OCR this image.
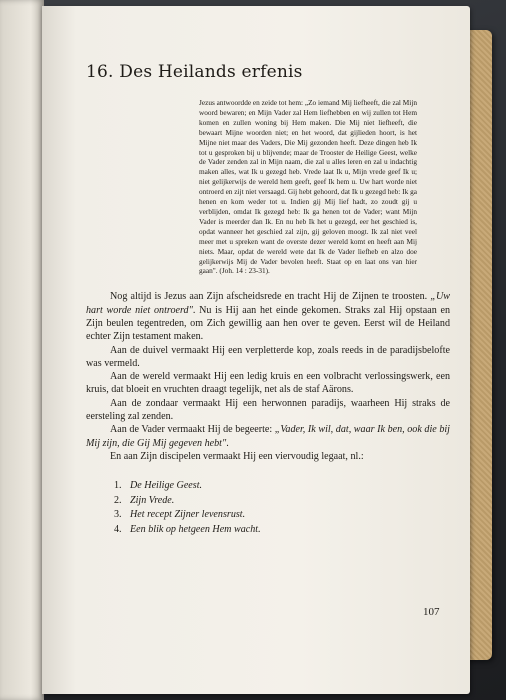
16. Des Heilands erfenis

Jezus antwoordde en zeide tot hem: „Zo iemand Mij liefheeft, die zal Mijn woord bewaren; en Mijn Vader zal Hem liefhebben en wij zullen tot Hem komen en zullen woning bij Hem maken. Die Mij niet liefheeft, die bewaart Mijne woorden niet; en het woord, dat gijlieden hoort, is het Mijne niet maar des Vaders, Die Mij gezonden heeft. Deze dingen heb Ik tot u gesproken bij u blijvende; maar de Trooster de Heilige Geest, welke de Vader zenden zal in Mijn naam, die zal u alles leren en zal u indachtig maken alles, wat Ik u gezegd heb. Vrede laat Ik u, Mijn vrede geef Ik u; niet gelijkerwijs de wereld hem geeft, geef Ik hem u. Uw hart worde niet ontroerd en zijt niet versaagd. Gij hebt gehoord, dat Ik u gezegd heb: Ik ga henen en kom weder tot u. Indien gij Mij lief hadt, zo zoudt gij u verblijden, omdat Ik gezegd heb: Ik ga henen tot de Vader; want Mijn Vader is meerder dan Ik. En nu heb Ik het u gezegd, eer het geschied is, opdat wanneer het geschied zal zijn, gij geloven moogt. Ik zal niet veel meer met u spreken want de overste dezer wereld komt en heeft aan Mij niets. Maar, opdat de wereld wete dat Ik de Vader liefheb en alzo doe gelijkerwijs Mij de Vader bevolen heeft. Staat op en laat ons van hier gaan". (Joh. 14 : 23-31).

Nog altijd is Jezus aan Zijn afscheidsrede en tracht Hij de Zijnen te troosten. „Uw hart worde niet ontroerd". Nu is Hij aan het einde gekomen. Straks zal Hij opstaan en Zijn beulen tegentreden, om Zich gewillig aan hen over te geven. Eerst wil de Heiland echter Zijn testament maken.

Aan de duivel vermaakt Hij een verpletterde kop, zoals reeds in de paradijsbelofte was vermeld.

Aan de wereld vermaakt Hij een ledig kruis en een volbracht verlossingswerk, een kruis, dat bloeit en vruchten draagt tegelijk, net als de staf Aärons.

Aan de zondaar vermaakt Hij een herwonnen paradijs, waarheen Hij straks de eersteling zal zenden.

Aan de Vader vermaakt Hij de begeerte: „Vader, Ik wil, dat, waar Ik ben, ook die bij Mij zijn, die Gij Mij gegeven hebt".

En aan Zijn discipelen vermaakt Hij een viervoudig legaat, nl.:

1. De Heilige Geest.
2. Zijn Vrede.
3. Het recept Zijner levensrust.
4. Een blik op hetgeen Hem wacht.
107
